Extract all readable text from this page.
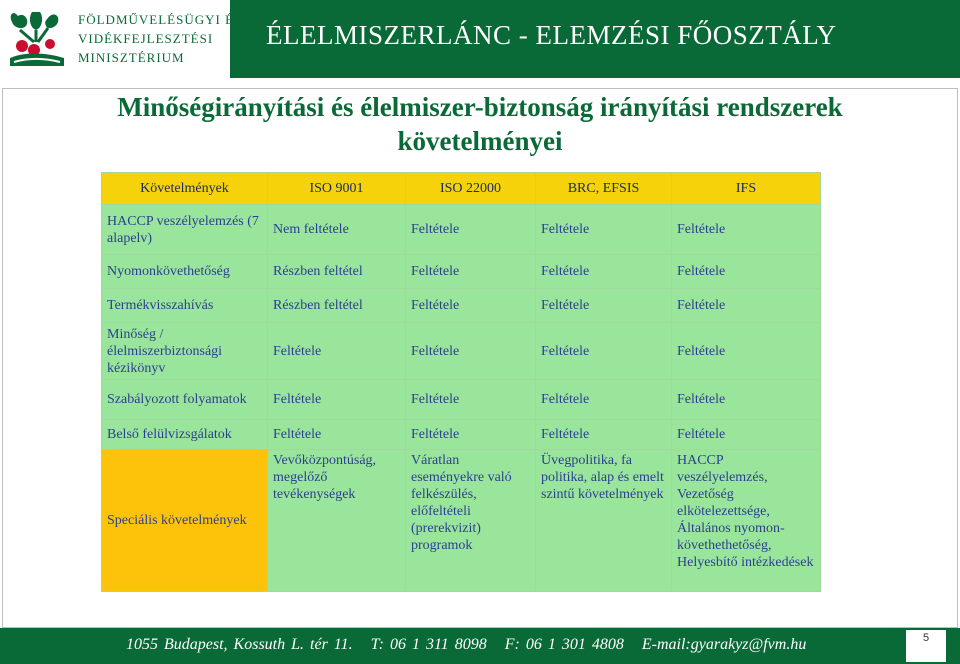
FÖLDMŰVELÉSÜGYI ÉS
VIDÉKFEJLESZTÉSI
MINISZTÉRIUM
ÉLELMISZERLÁNC - ELEMZÉSI FŐOSZTÁLY
Minőségirányítási és élelmiszer-biztonság irányítási rendszerek
követelményei
Követelmények	ISO 9001	ISO 22000	BRC, EFSIS	IFS
HACCP veszélyelemzés (7 alapelv)	Nem feltétele	Feltétele	Feltétele	Feltétele
Nyomonkövethetőség	Részben feltétel	Feltétele	Feltétele	Feltétele
Termékvisszahívás	Részben feltétel	Feltétele	Feltétele	Feltétele
Minőség / élelmiszerbiztonsági kézikönyv	Feltétele	Feltétele	Feltétele	Feltétele
Szabályozott folyamatok	Feltétele	Feltétele	Feltétele	Feltétele
Belső felülvizsgálatok	Feltétele	Feltétele	Feltétele	Feltétele
Speciális követelmények	Vevőközpontúság, megelőző tevékenységek	Váratlan eseményekre való felkészülés, előfeltételi (prerekvizit) programok	Üvegpolitika, fa politika, alap és emelt szintű követelmények	HACCP veszélyelemzés, Vezetőség elkötelezettsége, Általános nyomon-követhethetőség, Helyesbítő intézkedések
1055 Budapest, Kossuth L. tér 11.   T: 06 1 311 8098   F: 06 1 301 4808   E-mail:gyarakyz@fvm.hu	5
